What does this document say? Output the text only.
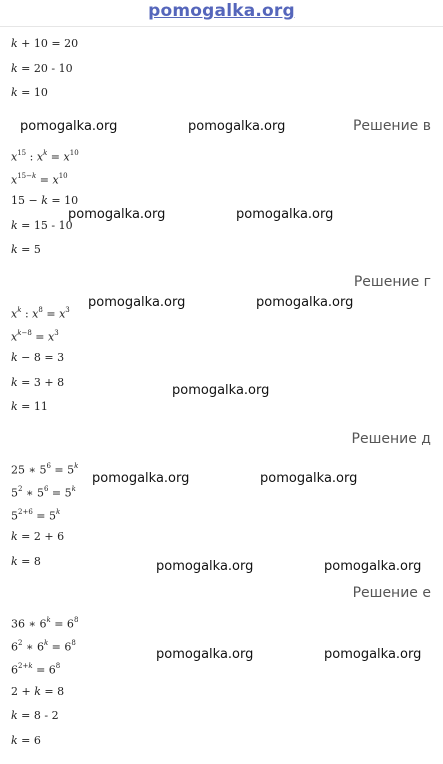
pomogalka.org
k + 10 = 20
k = 20 - 10
k = 10
Решение в
$x^{15}$ : $x^k = x^{10}$
$x^{15-k} = x^{10}$
15 − k = 10
k = 15 - 10
k = 5
Решение г
$x^k$ : $x^8 = x^3$
$x^{k-8} = x^3$
k − 8 = 3
k = 3 + 8
k = 11
Решение д
25 ∗ $5^6 = 5^k$
$5^2$ ∗ $5^6 = 5^k$
$5^{2+6} = 5^k$
k = 2 + 6
k = 8
Решение е
36 ∗ $6^k = 6^8$
$6^2$ ∗ $6^k = 6^8$
$6^{2+k} = 6^8$
2 + k = 8
k = 8 - 2
k = 6
pomogalka.org	pomogalka.org
pomogalka.org	pomogalka.org
pomogalka.org	pomogalka.org
pomogalka.org
pomogalka.org	pomogalka.org
pomogalka.org	pomogalka.org
pomogalka.org	pomogalka.org
